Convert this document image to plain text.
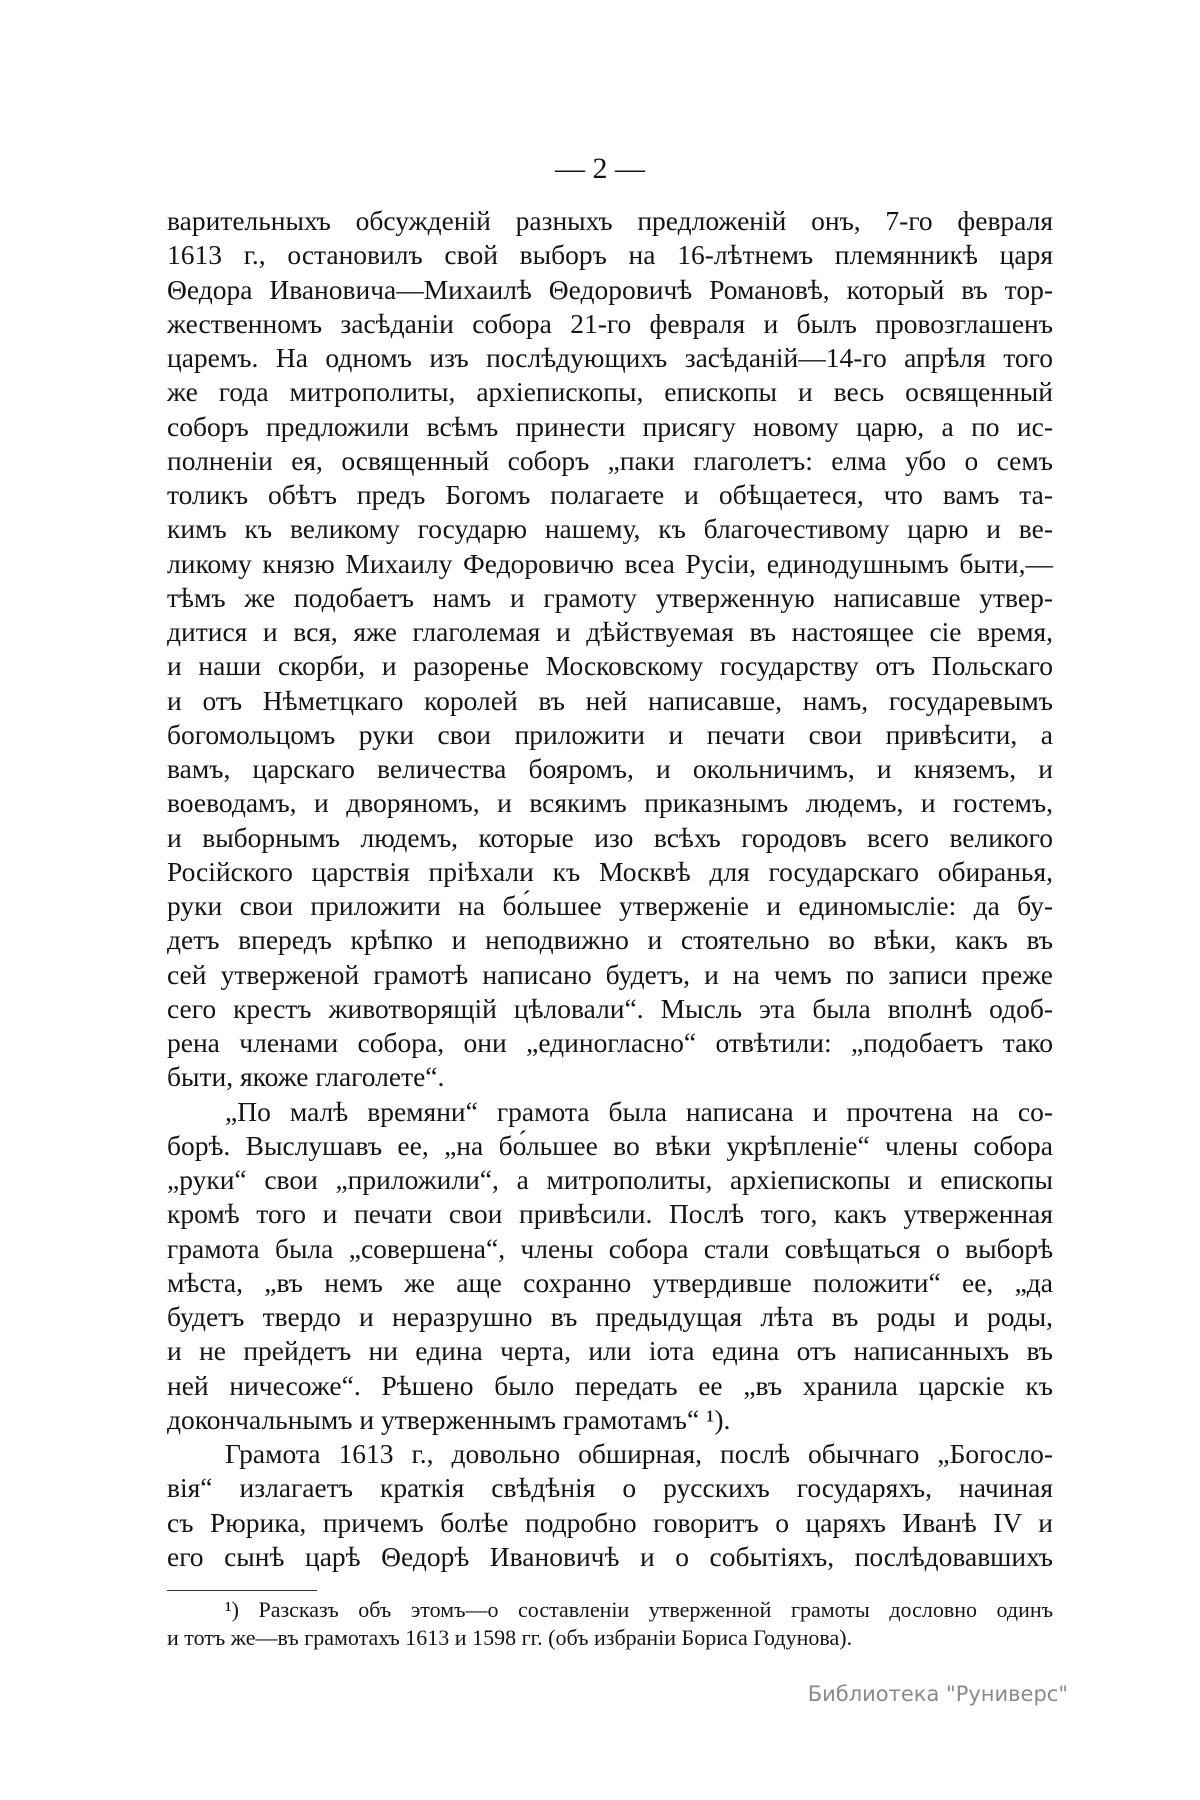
— 2 —
варительныхъ обсужденій разныхъ предложеній онъ, 7-го февраля
1613 г., остановилъ свой выборъ на 16-лѣтнемъ племянникѣ царя
Θедора Ивановича—Михаилѣ Θедоровичѣ Романовѣ, который въ тор-
жественномъ засѣданіи собора 21-го февраля и былъ провозглашенъ
царемъ. На одномъ изъ послѣдующихъ засѣданій—14-го апрѣля того
же года митрополиты, архіепископы, епископы и весь освященный
соборъ предложили всѣмъ принести присягу новому царю, а по ис-
полненіи ея, освященный соборъ „паки глаголетъ: елма убо о семъ
толикъ обѣтъ предъ Богомъ полагаете и обѣщаетеся, что вамъ та-
кимъ къ великому государю нашему, къ благочестивому царю и ве-
ликому князю Михаилу Федоровичю всеа Русіи, единодушнымъ быти,—
тѣмъ же подобаетъ намъ и грамоту утверженную написавше утвер-
дитися и вся, яже глаголемая и дѣйствуемая въ настоящее сіе время,
и наши скорби, и разоренье Московскому государству отъ Польскаго
и отъ Нѣметцкаго королей въ ней написавше, намъ, государевымъ
богомольцомъ руки свои приложити и печати свои привѣсити, а
вамъ, царскаго величества бояромъ, и окольничимъ, и княземъ, и
воеводамъ, и дворяномъ, и всякимъ приказнымъ людемъ, и гостемъ,
и выборнымъ людемъ, которые изо всѣхъ городовъ всего великого
Російского царствія пріѣхали къ Москвѣ для государскаго обиранья,
руки свои приложити на бо́льшее утверженіе и единомысліе: да бу-
детъ впередъ крѣпко и неподвижно и стоятельно во вѣки, какъ въ
сей утверженой грамотѣ написано будетъ, и на чемъ по записи преже
сего крестъ животворящій цѣловали“. Мысль эта была вполнѣ одоб-
рена членами собора, они „единогласно“ отвѣтили: „подобаетъ тако
быти, якоже глаголете“.
„По малѣ времяни“ грамота была написана и прочтена на со-
борѣ. Выслушавъ ее, „на бо́льшее во вѣки укрѣпленіе“ члены собора
„руки“ свои „приложили“, а митрополиты, архіепископы и епископы
кромѣ того и печати свои привѣсили. Послѣ того, какъ утверженная
грамота была „совершена“, члены собора стали совѣщаться о выборѣ
мѣста, „въ немъ же аще сохранно утвердивше положити“ ее, „да
будетъ твердо и неразрушно въ предыдущая лѣта въ роды и роды,
и не прейдетъ ни едина черта, или іота едина отъ написанныхъ въ
ней ничесоже“. Рѣшено было передать ее „въ хранила царскіе къ
докончальнымъ и утверженнымъ грамотамъ“ ¹).
Грамота 1613 г., довольно обширная, послѣ обычнаго „Богосло-
вія“ излагаетъ краткія свѣдѣнія о русскихъ государяхъ, начиная
съ Рюрика, причемъ болѣе подробно говоритъ о царяхъ Иванѣ IV и
его сынѣ царѣ Θедорѣ Ивановичѣ и о событіяхъ, послѣдовавшихъ
¹) Разсказъ объ этомъ—о составленіи утверженной грамоты дословно одинъ
и тотъ же—въ грамотахъ 1613 и 1598 гг. (объ избраніи Бориса Годунова).
Библиотека "Руниверс"
